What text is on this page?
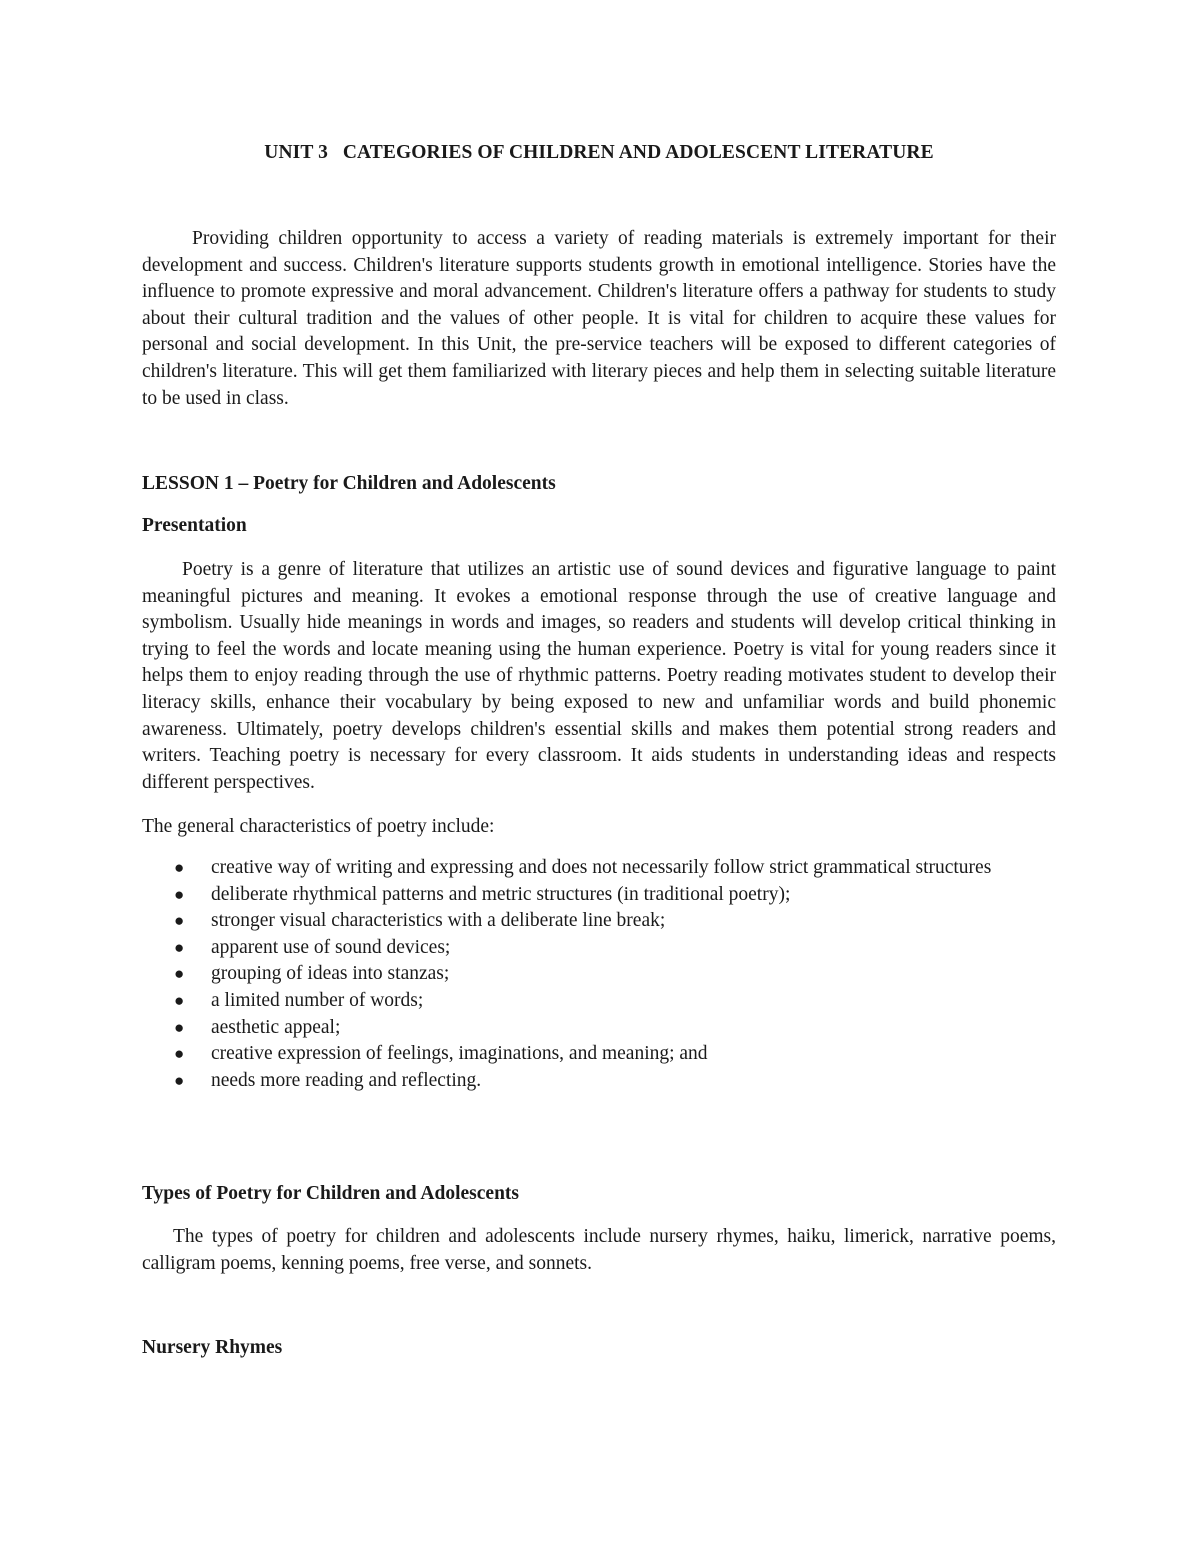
UNIT 3   CATEGORIES OF CHILDREN AND ADOLESCENT LITERATURE

Providing children opportunity to access a variety of reading materials is extremely important for their development and success. Children's literature supports students growth in emotional intelligence. Stories have the influence to promote expressive and moral advancement. Children's literature offers a pathway for students to study about their cultural tradition and the values of other people. It is vital for children to acquire these values for personal and social development. In this Unit, the pre-service teachers will be exposed to different categories of children's literature. This will get them familiarized with literary pieces and help them in selecting suitable literature to be used in class.

LESSON 1 – Poetry for Children and Adolescents
Presentation

Poetry is a genre of literature that utilizes an artistic use of sound devices and figurative language to paint meaningful pictures and meaning. It evokes a emotional response through the use of creative language and symbolism. Usually hide meanings in words and images, so readers and students will develop critical thinking in trying to feel the words and locate meaning using the human experience. Poetry is vital for young readers since it helps them to enjoy reading through the use of rhythmic patterns. Poetry reading motivates student to develop their literacy skills, enhance their vocabulary by being exposed to new and unfamiliar words and build phonemic awareness. Ultimately, poetry develops children's essential skills and makes them potential strong readers and writers. Teaching poetry is necessary for every classroom. It aids students in understanding ideas and respects different perspectives.

The general characteristics of poetry include:
● creative way of writing and expressing and does not necessarily follow strict grammatical structures
● deliberate rhythmical patterns and metric structures (in traditional poetry);
● stronger visual characteristics with a deliberate line break;
● apparent use of sound devices;
● grouping of ideas into stanzas;
● a limited number of words;
● aesthetic appeal;
● creative expression of feelings, imaginations, and meaning; and
● needs more reading and reflecting.
Types of Poetry for Children and Adolescents

The types of poetry for children and adolescents include nursery rhymes, haiku, limerick, narrative poems, calligram poems, kenning poems, free verse, and sonnets.

Nursery Rhymes
